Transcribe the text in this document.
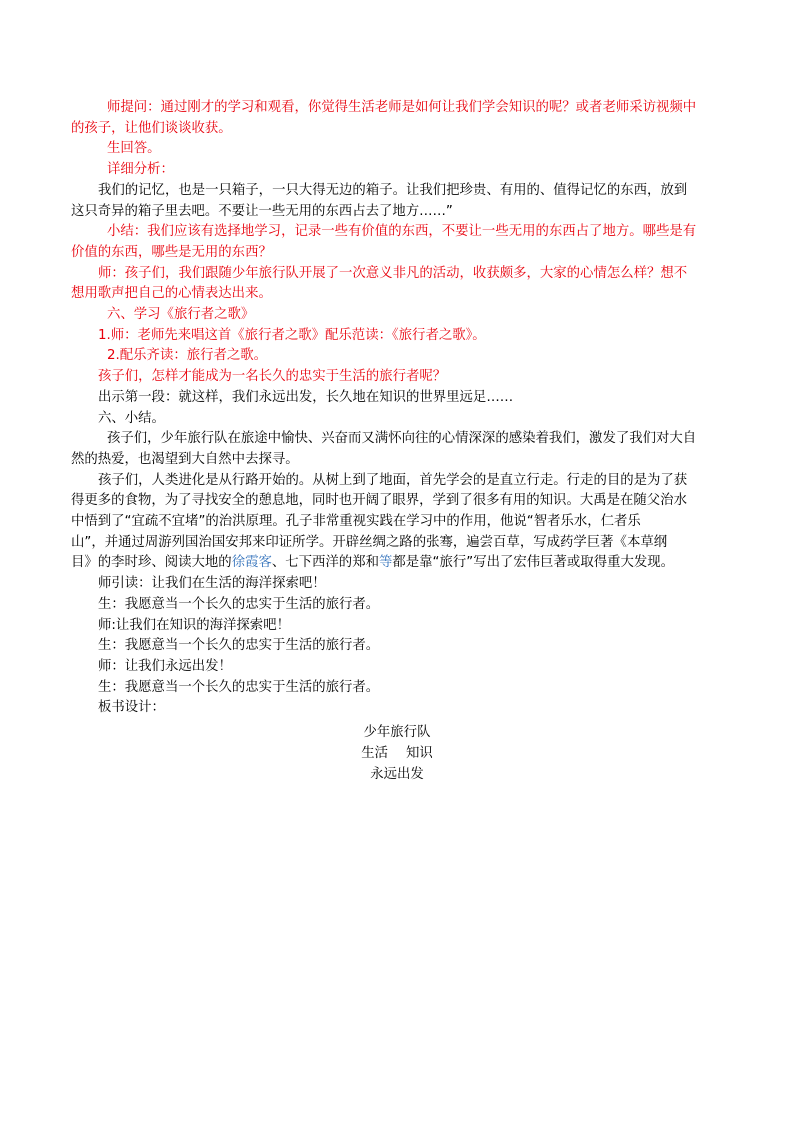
师提问：通过刚才的学习和观看，你觉得生活老师是如何让我们学会知识的呢？或者老师采访视频中

的孩子，让他们谈谈收获。

生回答。

详细分析：

我们的记忆，也是一只箱子，一只大得无边的箱子。让我们把珍贵、有用的、值得记忆的东西，放到

这只奇异的箱子里去吧。不要让一些无用的东西占去了地方……”

小结：我们应该有选择地学习，记录一些有价值的东西，不要让一些无用的东西占了地方。哪些是有

价值的东西，哪些是无用的东西？

师：孩子们，我们跟随少年旅行队开展了一次意义非凡的活动，收获颇多，大家的心情怎么样？想不

想用歌声把自己的心情表达出来。

六、学习《旅行者之歌》

1.师：老师先来唱这首《旅行者之歌》配乐范读：《旅行者之歌》。

2.配乐齐读：旅行者之歌。

孩子们，怎样才能成为一名长久的忠实于生活的旅行者呢？

出示第一段：就这样，我们永远出发，长久地在知识的世界里远足……

六、小结。

孩子们，少年旅行队在旅途中愉快、兴奋而又满怀向往的心情深深的感染着我们，激发了我们对大自

然的热爱，也渴望到大自然中去探寻。

孩子们，人类进化是从行路开始的。从树上到了地面，首先学会的是直立行走。行走的目的是为了获

得更多的食物，为了寻找安全的憩息地，同时也开阔了眼界，学到了很多有用的知识。大禹是在随父治水

中悟到了“宜疏不宜堵”的治洪原理。孔子非常重视实践在学习中的作用，他说“智者乐水，仁者乐

山”，并通过周游列国治国安邦来印证所学。开辟丝绸之路的张骞，遍尝百草，写成药学巨著《本草纲

目》的李时珍、阅读大地的徐霞客、七下西洋的郑和等都是靠“旅行”写出了宏伟巨著或取得重大发现。

师引读：让我们在生活的海洋探索吧！

生：我愿意当一个长久的忠实于生活的旅行者。

师:让我们在知识的海洋探索吧！

生：我愿意当一个长久的忠实于生活的旅行者。

师：让我们永远出发！

生：我愿意当一个长久的忠实于生活的旅行者。

板书设计：

少年旅行队
生活 知识
永远出发
